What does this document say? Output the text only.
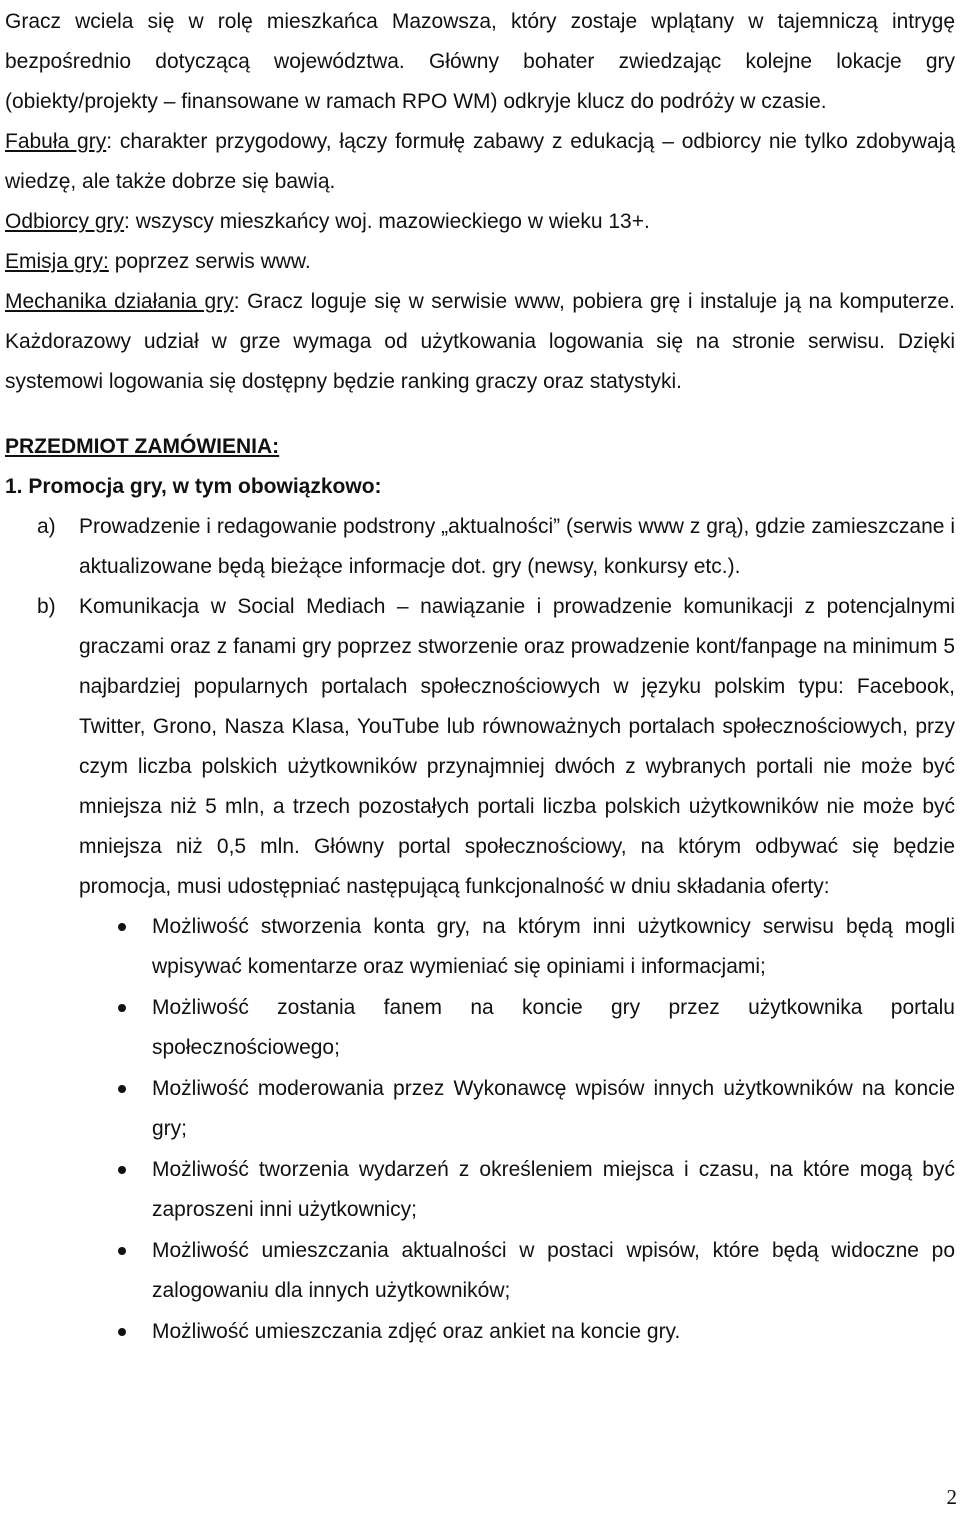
Gracz wciela się w rolę mieszkańca Mazowsza, który zostaje wplątany w tajemniczą intrygę bezpośrednio dotyczącą województwa. Główny bohater zwiedzając kolejne lokacje gry (obiekty/projekty – finansowane w ramach RPO WM) odkryje klucz do podróży w czasie.

Fabuła gry: charakter przygodowy, łączy formułę zabawy z edukacją – odbiorcy nie tylko zdobywają wiedzę, ale także dobrze się bawią.

Odbiorcy gry: wszyscy mieszkańcy woj. mazowieckiego w wieku 13+.

Emisja gry: poprzez serwis www.

Mechanika działania gry: Gracz loguje się w serwisie www, pobiera grę i instaluje ją na komputerze. Każdorazowy udział w grze wymaga od użytkowania logowania się na stronie serwisu. Dzięki systemowi logowania się dostępny będzie ranking graczy oraz statystyki.

PRZEDMIOT ZAMÓWIENIA:
1. Promocja gry, w tym obowiązkowo:
a)	Prowadzenie i redagowanie podstrony „aktualności” (serwis www z grą), gdzie zamieszczane i aktualizowane będą bieżące informacje dot. gry (newsy, konkursy etc.).
b)	Komunikacja w Social Mediach – nawiązanie i prowadzenie komunikacji z potencjalnymi graczami oraz z fanami gry poprzez stworzenie oraz prowadzenie kont/fanpage na minimum 5 najbardziej popularnych portalach społecznościowych w języku polskim typu: Facebook, Twitter, Grono, Nasza Klasa, YouTube lub równoważnych portalach społecznościowych, przy czym liczba polskich użytkowników przynajmniej dwóch z wybranych portali nie może być mniejsza niż 5 mln, a trzech pozostałych portali liczba polskich użytkowników nie może być mniejsza niż 0,5 mln. Główny portal społecznościowy, na którym odbywać się będzie promocja, musi udostępniać następującą funkcjonalność w dniu składania oferty:
Możliwość stworzenia konta gry, na którym inni użytkownicy serwisu będą mogli wpisywać komentarze oraz wymieniać się opiniami i informacjami;
Możliwość zostania fanem na koncie gry przez użytkownika portalu społecznościowego;
Możliwość moderowania przez Wykonawcę wpisów innych użytkowników na koncie gry;
Możliwość tworzenia wydarzeń z określeniem miejsca i czasu, na które mogą być zaproszeni inni użytkownicy;
Możliwość umieszczania aktualności w postaci wpisów, które będą widoczne po zalogowaniu dla innych użytkowników;
Możliwość umieszczania zdjęć oraz ankiet na koncie gry.
2
